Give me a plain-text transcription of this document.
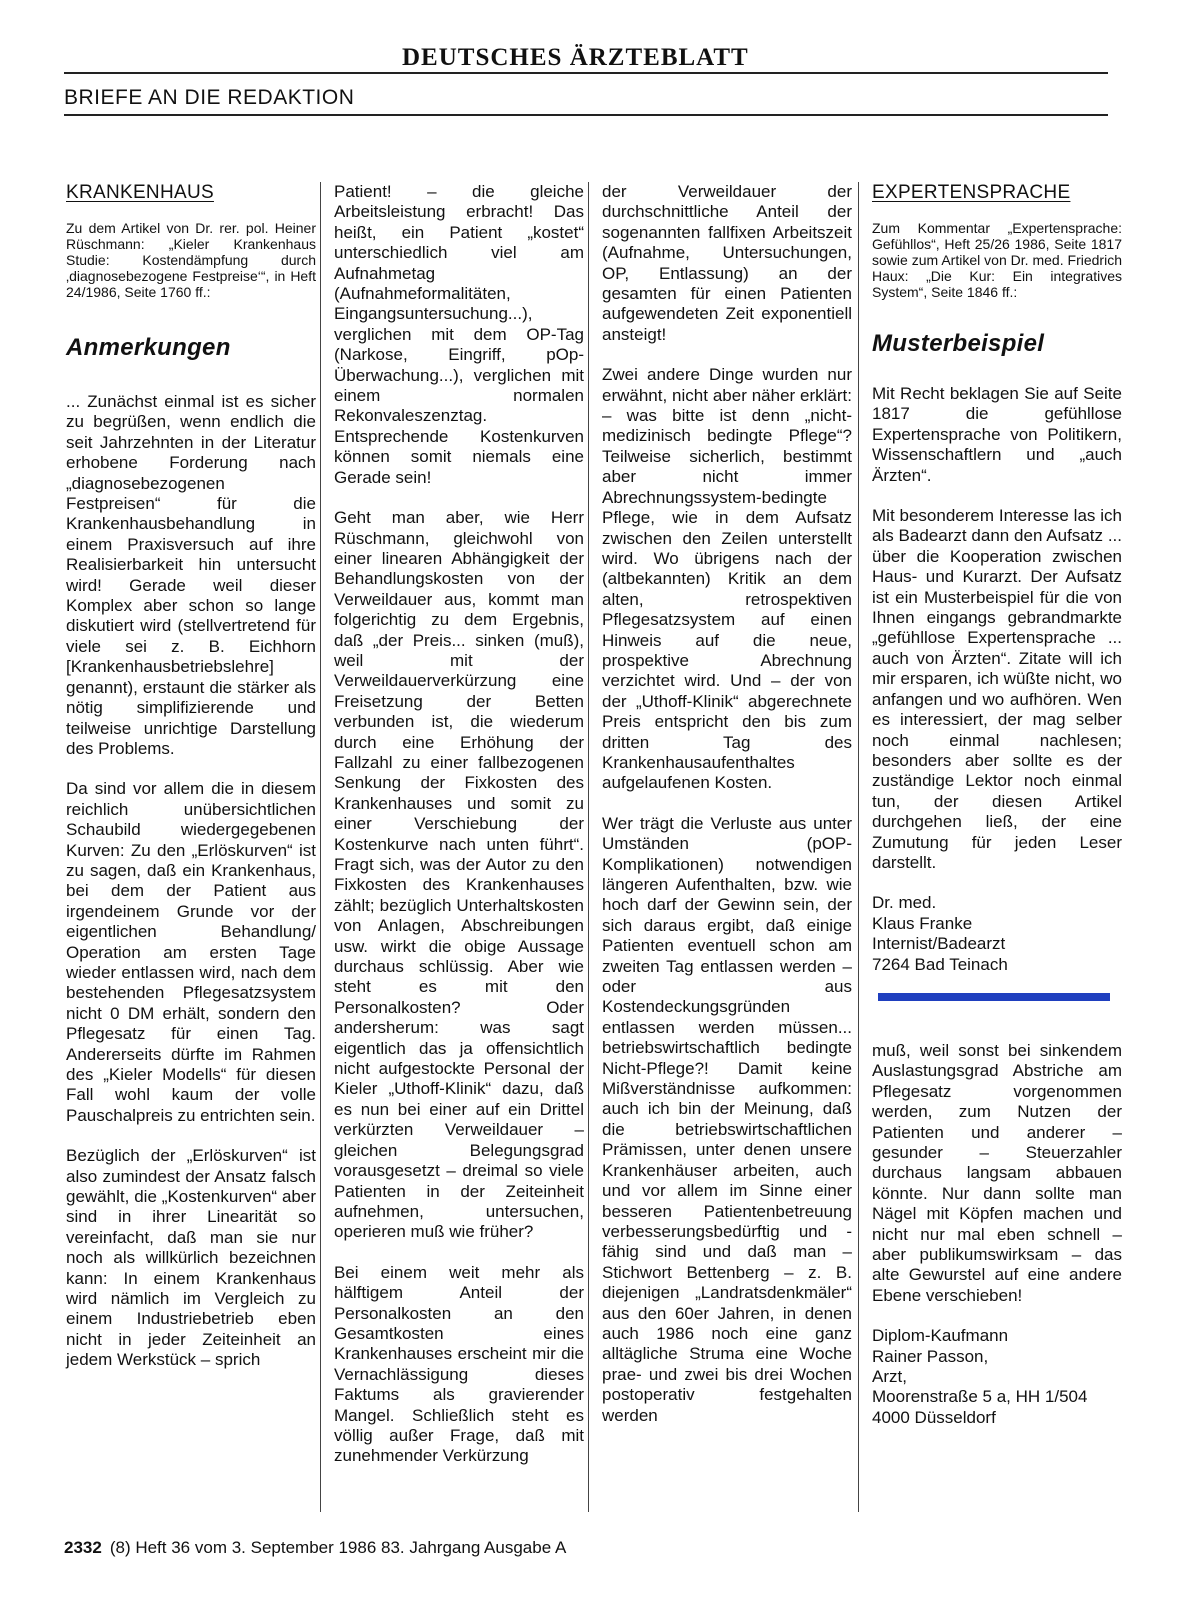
DEUTSCHES ÄRZTEBLATT
BRIEFE AN DIE REDAKTION
KRANKENHAUS

Zu dem Artikel von Dr. rer. pol. Heiner Rüschmann: „Kieler Krankenhaus Studie: Kostendämpfung durch ‚diagnosebezogene Festpreise‘“, in Heft 24/1986, Seite 1760 ff.:

Anmerkungen

... Zunächst einmal ist es sicher zu begrüßen, wenn endlich die seit Jahrzehnten in der Literatur erhobene Forderung nach „diagnosebezogenen Festpreisen“ für die Krankenhausbehandlung in einem Praxisversuch auf ihre Realisierbarkeit hin untersucht wird! Gerade weil dieser Komplex aber schon so lange diskutiert wird (stellvertretend für viele sei z. B. Eichhorn [Krankenhausbetriebslehre] genannt), erstaunt die stärker als nötig simplifizierende und teilweise unrichtige Darstellung des Problems.

Da sind vor allem die in diesem reichlich unübersichtlichen Schaubild wiedergegebenen Kurven: Zu den „Erlöskurven“ ist zu sagen, daß ein Krankenhaus, bei dem der Patient aus irgendeinem Grunde vor der eigentlichen Behandlung/ Operation am ersten Tage wieder entlassen wird, nach dem bestehenden Pflegesatzsystem nicht 0 DM erhält, sondern den Pflegesatz für einen Tag. Andererseits dürfte im Rahmen des „Kieler Modells“ für diesen Fall wohl kaum der volle Pauschalpreis zu entrichten sein.

Bezüglich der „Erlöskurven“ ist also zumindest der Ansatz falsch gewählt, die „Kostenkurven“ aber sind in ihrer Linearität so vereinfacht, daß man sie nur noch als willkürlich bezeichnen kann: In einem Krankenhaus wird nämlich im Vergleich zu einem Industriebetrieb eben nicht in jeder Zeiteinheit an jedem Werkstück – sprich

Patient! – die gleiche Arbeitsleistung erbracht! Das heißt, ein Patient „kostet“ unterschiedlich viel am Aufnahmetag (Aufnahmeformalitäten, Eingangsuntersuchung...), verglichen mit dem OP-Tag (Narkose, Eingriff, pOp-Überwachung...), verglichen mit einem normalen Rekonvaleszenztag. Entsprechende Kostenkurven können somit niemals eine Gerade sein!

Geht man aber, wie Herr Rüschmann, gleichwohl von einer linearen Abhängigkeit der Behandlungskosten von der Verweildauer aus, kommt man folgerichtig zu dem Ergebnis, daß „der Preis... sinken (muß), weil mit der Verweildauerverkürzung eine Freisetzung der Betten verbunden ist, die wiederum durch eine Erhöhung der Fallzahl zu einer fallbezogenen Senkung der Fixkosten des Krankenhauses und somit zu einer Verschiebung der Kostenkurve nach unten führt“. Fragt sich, was der Autor zu den Fixkosten des Krankenhauses zählt; bezüglich Unterhaltskosten von Anlagen, Abschreibungen usw. wirkt die obige Aussage durchaus schlüssig. Aber wie steht es mit den Personalkosten? Oder andersherum: was sagt eigentlich das ja offensichtlich nicht aufgestockte Personal der Kieler „Uthoff-Klinik“ dazu, daß es nun bei einer auf ein Drittel verkürzten Verweildauer – gleichen Belegungsgrad vorausgesetzt – dreimal so viele Patienten in der Zeiteinheit aufnehmen, untersuchen, operieren muß wie früher?

Bei einem weit mehr als hälftigem Anteil der Personalkosten an den Gesamtkosten eines Krankenhauses erscheint mir die Vernachlässigung dieses Faktums als gravierender Mangel. Schließlich steht es völlig außer Frage, daß mit zunehmender Verkürzung

der Verweildauer der durchschnittliche Anteil der sogenannten fallfixen Arbeitszeit (Aufnahme, Untersuchungen, OP, Entlassung) an der gesamten für einen Patienten aufgewendeten Zeit exponentiell ansteigt!

Zwei andere Dinge wurden nur erwähnt, nicht aber näher erklärt: – was bitte ist denn „nicht-medizinisch bedingte Pflege“? Teilweise sicherlich, bestimmt aber nicht immer Abrechnungssystem-bedingte Pflege, wie in dem Aufsatz zwischen den Zeilen unterstellt wird. Wo übrigens nach der (altbekannten) Kritik an dem alten, retrospektiven Pflegesatzsystem auf einen Hinweis auf die neue, prospektive Abrechnung verzichtet wird. Und – der von der „Uthoff-Klinik“ abgerechnete Preis entspricht den bis zum dritten Tag des Krankenhausaufenthaltes aufgelaufenen Kosten.

Wer trägt die Verluste aus unter Umständen (pOP-Komplikationen) notwendigen längeren Aufenthalten, bzw. wie hoch darf der Gewinn sein, der sich daraus ergibt, daß einige Patienten eventuell schon am zweiten Tag entlassen werden – oder aus Kostendeckungsgründen entlassen werden müssen... betriebswirtschaftlich bedingte Nicht-Pflege?! Damit keine Mißverständnisse aufkommen: auch ich bin der Meinung, daß die betriebswirtschaftlichen Prämissen, unter denen unsere Krankenhäuser arbeiten, auch und vor allem im Sinne einer besseren Patientenbetreuung verbesserungsbedürftig und -fähig sind und daß man – Stichwort Bettenberg – z. B. diejenigen „Landratsdenkmäler“ aus den 60er Jahren, in denen auch 1986 noch eine ganz alltägliche Struma eine Woche prae- und zwei bis drei Wochen postoperativ festgehalten werden

EXPERTENSPRACHE

Zum Kommentar „Expertensprache: Gefühllos“, Heft 25/26 1986, Seite 1817 sowie zum Artikel von Dr. med. Friedrich Haux: „Die Kur: Ein integratives System“, Seite 1846 ff.:

Musterbeispiel

Mit Recht beklagen Sie auf Seite 1817 die gefühllose Expertensprache von Politikern, Wissenschaftlern und „auch Ärzten“.

Mit besonderem Interesse las ich als Badearzt dann den Aufsatz ... über die Kooperation zwischen Haus- und Kurarzt. Der Aufsatz ist ein Musterbeispiel für die von Ihnen eingangs gebrandmarkte „gefühllose Expertensprache ... auch von Ärzten“. Zitate will ich mir ersparen, ich wüßte nicht, wo anfangen und wo aufhören. Wen es interessiert, der mag selber noch einmal nachlesen; besonders aber sollte es der zuständige Lektor noch einmal tun, der diesen Artikel durchgehen ließ, der eine Zumutung für jeden Leser darstellt.

Dr. med.
Klaus Franke
Internist/Badearzt
7264 Bad Teinach

muß, weil sonst bei sinkendem Auslastungsgrad Abstriche am Pflegesatz vorgenommen werden, zum Nutzen der Patienten und anderer – gesunder – Steuerzahler durchaus langsam abbauen könnte. Nur dann sollte man Nägel mit Köpfen machen und nicht nur mal eben schnell – aber publikumswirksam – das alte Gewurstel auf eine andere Ebene verschieben!

Diplom-Kaufmann
Rainer Passon,
Arzt,
Moorenstraße 5 a, HH 1/504
4000 Düsseldorf
2332 (8) Heft 36 vom 3. September 1986 83. Jahrgang Ausgabe A
